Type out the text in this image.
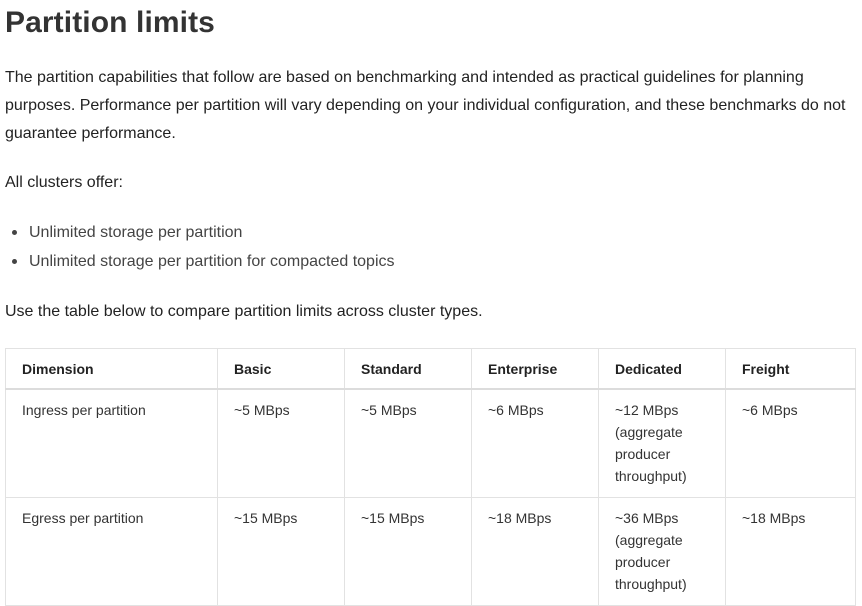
Partition limits

The partition capabilities that follow are based on benchmarking and intended as practical guidelines for planning purposes. Performance per partition will vary depending on your individual configuration, and these benchmarks do not guarantee performance.

All clusters offer:

Unlimited storage per partition
Unlimited storage per partition for compacted topics

Use the table below to compare partition limits across cluster types.

Dimension	Basic	Standard	Enterprise	Dedicated	Freight
Ingress per partition	~5 MBps	~5 MBps	~6 MBps	~12 MBps (aggregate producer throughput)	~6 MBps
Egress per partition	~15 MBps	~15 MBps	~18 MBps	~36 MBps (aggregate producer throughput)	~18 MBps
